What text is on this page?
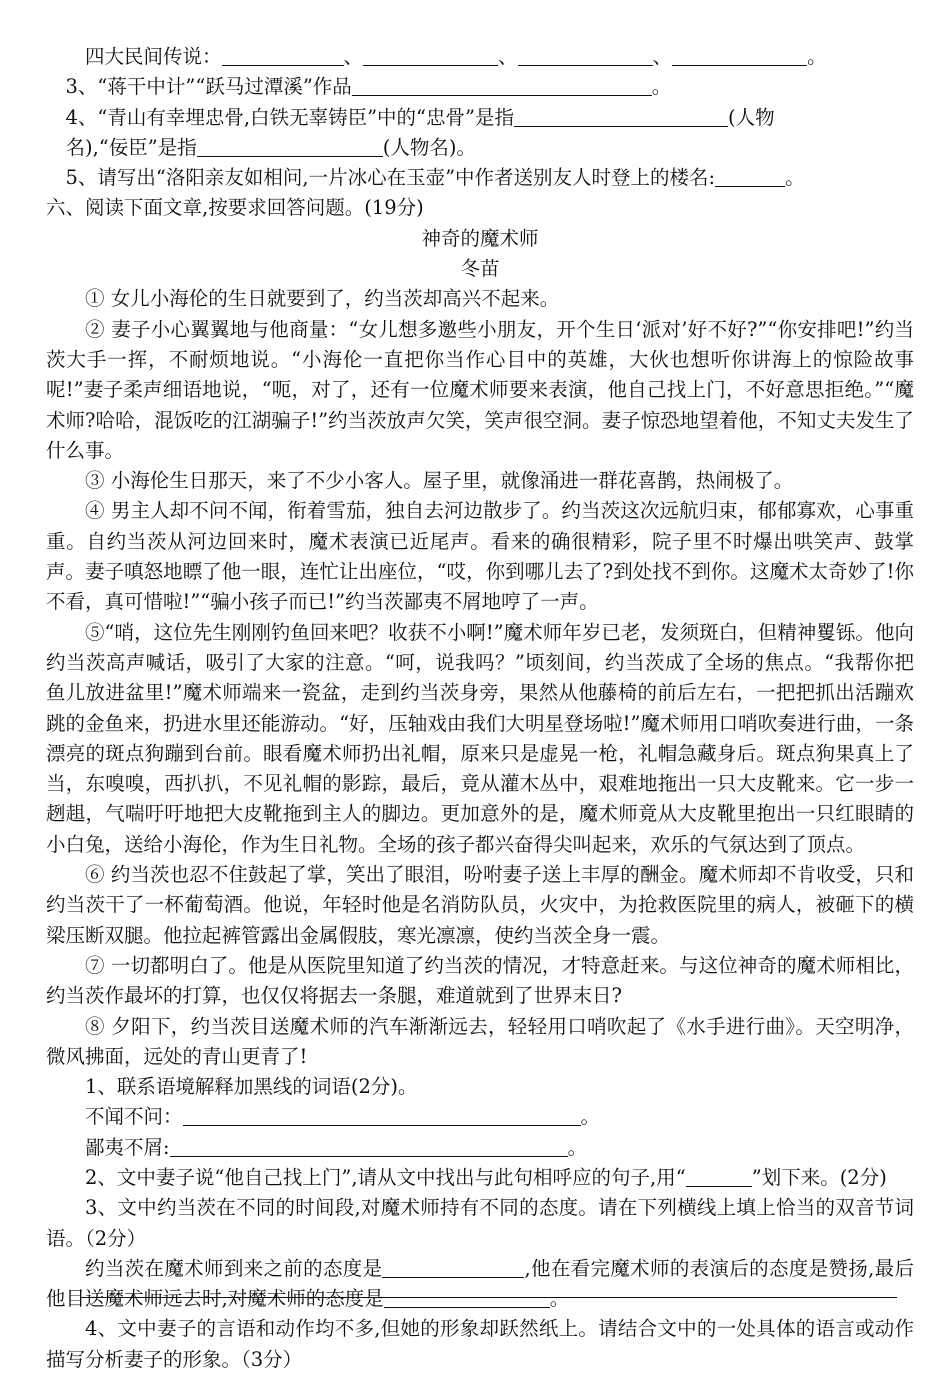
四大民间传说：	、	、	、	。
3、“蒋干中计”“跃马过潭溪”作品	。
4、“青山有幸埋忠骨,白铁无辜铸臣”中的“忠骨”是指	(人物
名),“佞臣”是指	(人物名)。
5、请写出“洛阳亲友如相问,一片冰心在玉壶”中作者送别友人时登上的楼名:	。
六、阅读下面文章,按要求回答问题。(19分)
神奇的魔术师
冬苗
① 女儿小海伦的生日就要到了，约当茨却高兴不起来。
② 妻子小心翼翼地与他商量：“女儿想多邀些小朋友，开个生日‘派对’好不好?”“你安排吧!”约当茨大手一挥，不耐烦地说。“小海伦一直把你当作心目中的英雄，大伙也想听你讲海上的惊险故事呢!”妻子柔声细语地说，“呃，对了，还有一位魔术师要来表演，他自己找上门，不好意思拒绝。”“魔术师?哈哈，混饭吃的江湖骗子!”约当茨放声欠笑，笑声很空洞。妻子惊恐地望着他，不知丈夫发生了什么事。
③ 小海伦生日那天，来了不少小客人。屋子里，就像涌进一群花喜鹊，热闹极了。
④ 男主人却不问不闻，衔着雪茄，独自去河边散步了。约当茨这次远航归束，郁郁寡欢，心事重重。自约当茨从河边回来时，魔术表演已近尾声。看来的确很精彩，院子里不时爆出哄笑声、鼓掌声。妻子嗔怒地瞟了他一眼，连忙让出座位，“哎，你到哪儿去了?到处找不到你。这魔术太奇妙了!你不看，真可惜啦!”“骗小孩子而已!”约当茨鄙夷不屑地哼了一声。
⑤“哨，这位先生刚刚钓鱼回来吧？收获不小啊!”魔术师年岁已老，发须斑白，但精神矍铄。他向约当茨高声喊话，吸引了大家的注意。“呵，说我吗？”顷刻间，约当茨成了全场的焦点。“我帮你把鱼儿放进盆里!”魔术师端来一瓷盆，走到约当茨身旁，果然从他藤椅的前后左右，一把把抓出活蹦欢跳的金鱼来，扔进水里还能游动。“好，压轴戏由我们大明星登场啦!”魔术师用口哨吹奏进行曲，一条漂亮的斑点狗蹦到台前。眼看魔术师扔出礼帽，原来只是虚晃一枪，礼帽急藏身后。斑点狗果真上了当，东嗅嗅，西扒扒，不见礼帽的影踪，最后，竟从灌木丛中，艰难地拖出一只大皮靴来。它一步一趔趄，气喘吁吁地把大皮靴拖到主人的脚边。更加意外的是，魔术师竟从大皮靴里抱出一只红眼睛的小白兔，送给小海伦，作为生日礼物。全场的孩子都兴奋得尖叫起来，欢乐的气氛达到了顶点。
⑥ 约当茨也忍不住鼓起了掌，笑出了眼泪，吩咐妻子送上丰厚的酬金。魔术师却不肯收受，只和约当茨干了一杯葡萄酒。他说，年轻时他是名消防队员，火灾中，为抢救医院里的病人，被砸下的横梁压断双腿。他拉起裤管露出金属假肢，寒光凛凛，使约当茨全身一震。
⑦ 一切都明白了。他是从医院里知道了约当茨的情况，才特意赶来。与这位神奇的魔术师相比，约当茨作最坏的打算，也仅仅将据去一条腿，难道就到了世界末日?
⑧ 夕阳下，约当茨目送魔术师的汽车渐渐远去，轻轻用口哨吹起了《水手进行曲》。天空明净，微风拂面，远处的青山更青了!
1、联系语境解释加黑线的词语(2分)。
不闻不问：	。
鄙夷不屑:	。
2、文中妻子说“他自己找上门”,请从文中找出与此句相呼应的句子,用“	”划下来。(2分)
3、文中约当茨在不同的时间段,对魔术师持有不同的态度。请在下列横线上填上恰当的双音节词语。（2分）
约当茨在魔术师到来之前的态度是	,他在看完魔术师的表演后的态度是赞扬,最后他目送魔术师远去时,对魔术师的态度是	。
4、文中妻子的言语和动作均不多,但她的形象却跃然纸上。请结合文中的一处具体的语言或动作描写分析妻子的形象。（3分）
